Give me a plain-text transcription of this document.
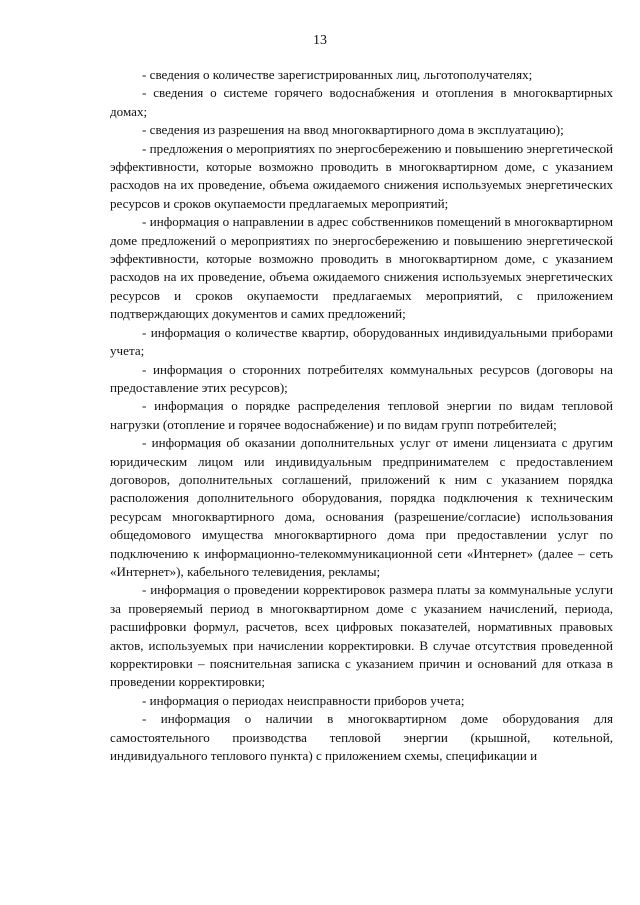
13

- сведения о количестве зарегистрированных лиц, льготополучателях;

- сведения о системе горячего водоснабжения и отопления в многоквартирных домах;

- сведения из разрешения на ввод многоквартирного дома в эксплуатацию);

- предложения о мероприятиях по энергосбережению и повышению энергетической эффективности, которые возможно проводить в многоквартирном доме, с указанием расходов на их проведение, объема ожидаемого снижения используемых энергетических ресурсов и сроков окупаемости предлагаемых мероприятий;

- информация о направлении в адрес собственников помещений в многоквартирном доме предложений о мероприятиях по энергосбережению и повышению энергетической эффективности, которые возможно проводить в многоквартирном доме, с указанием расходов на их проведение, объема ожидаемого снижения используемых энергетических ресурсов и сроков окупаемости предлагаемых мероприятий, с приложением подтверждающих документов и самих предложений;

- информация о количестве квартир, оборудованных индивидуальными приборами учета;

- информация о сторонних потребителях коммунальных ресурсов (договоры на предоставление этих ресурсов);

- информация о порядке распределения тепловой энергии по видам тепловой нагрузки (отопление и горячее водоснабжение) и по видам групп потребителей;

- информация об оказании дополнительных услуг от имени лицензиата с другим юридическим лицом или индивидуальным предпринимателем с предоставлением договоров, дополнительных соглашений, приложений к ним с указанием порядка расположения дополнительного оборудования, порядка подключения к техническим ресурсам многоквартирного дома, основания (разрешение/согласие) использования общедомового имущества многоквартирного дома при предоставлении услуг по подключению к информационно-телекоммуникационной сети «Интернет» (далее – сеть «Интернет»), кабельного телевидения, рекламы;

- информация о проведении корректировок размера платы за коммунальные услуги за проверяемый период в многоквартирном доме с указанием начислений, периода, расшифровки формул, расчетов, всех цифровых показателей, нормативных правовых актов, используемых при начислении корректировки. В случае отсутствия проведенной корректировки – пояснительная записка с указанием причин и оснований для отказа в проведении корректировки;

- информация о периодах неисправности приборов учета;

- информация о наличии в многоквартирном доме оборудования для самостоятельного производства тепловой энергии (крышной, котельной, индивидуального теплового пункта) с приложением схемы, спецификации и
